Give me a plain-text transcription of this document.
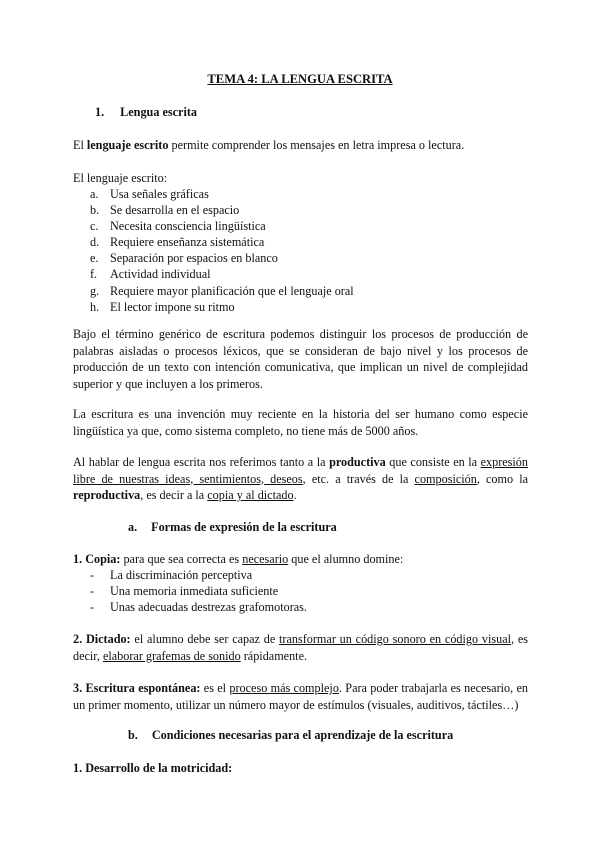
TEMA 4: LA LENGUA ESCRITA
1. Lengua escrita
El lenguaje escrito permite comprender los mensajes en letra impresa o lectura.
El lenguaje escrito:
a. Usa señales gráficas
b. Se desarrolla en el espacio
c. Necesita consciencia lingüística
d. Requiere enseñanza sistemática
e. Separación por espacios en blanco
f. Actividad individual
g. Requiere mayor planificación que el lenguaje oral
h. El lector impone su ritmo
Bajo el término genérico de escritura podemos distinguir los procesos de producción de palabras aisladas o procesos léxicos, que se consideran de bajo nivel y los procesos de producción de un texto con intención comunicativa, que implican un nivel de complejidad superior y que incluyen a los primeros.
La escritura es una invención muy reciente en la historia del ser humano como especie lingüística ya que, como sistema completo, no tiene más de 5000 años.
Al hablar de lengua escrita nos referimos tanto a la productiva que consiste en la expresión libre de nuestras ideas, sentimientos, deseos, etc. a través de la composición, como la reproductiva, es decir a la copia y al dictado.
a. Formas de expresión de la escritura
1. Copia: para que sea correcta es necesario que el alumno domine:
- La discriminación perceptiva
- Una memoria inmediata suficiente
- Unas adecuadas destrezas grafomotoras.
2. Dictado: el alumno debe ser capaz de transformar un código sonoro en código visual, es decir, elaborar grafemas de sonido rápidamente.
3. Escritura espontánea: es el proceso más complejo. Para poder trabajarla es necesario, en un primer momento, utilizar un número mayor de estímulos (visuales, auditivos, táctiles…)
b. Condiciones necesarias para el aprendizaje de la escritura
1. Desarrollo de la motricidad:
